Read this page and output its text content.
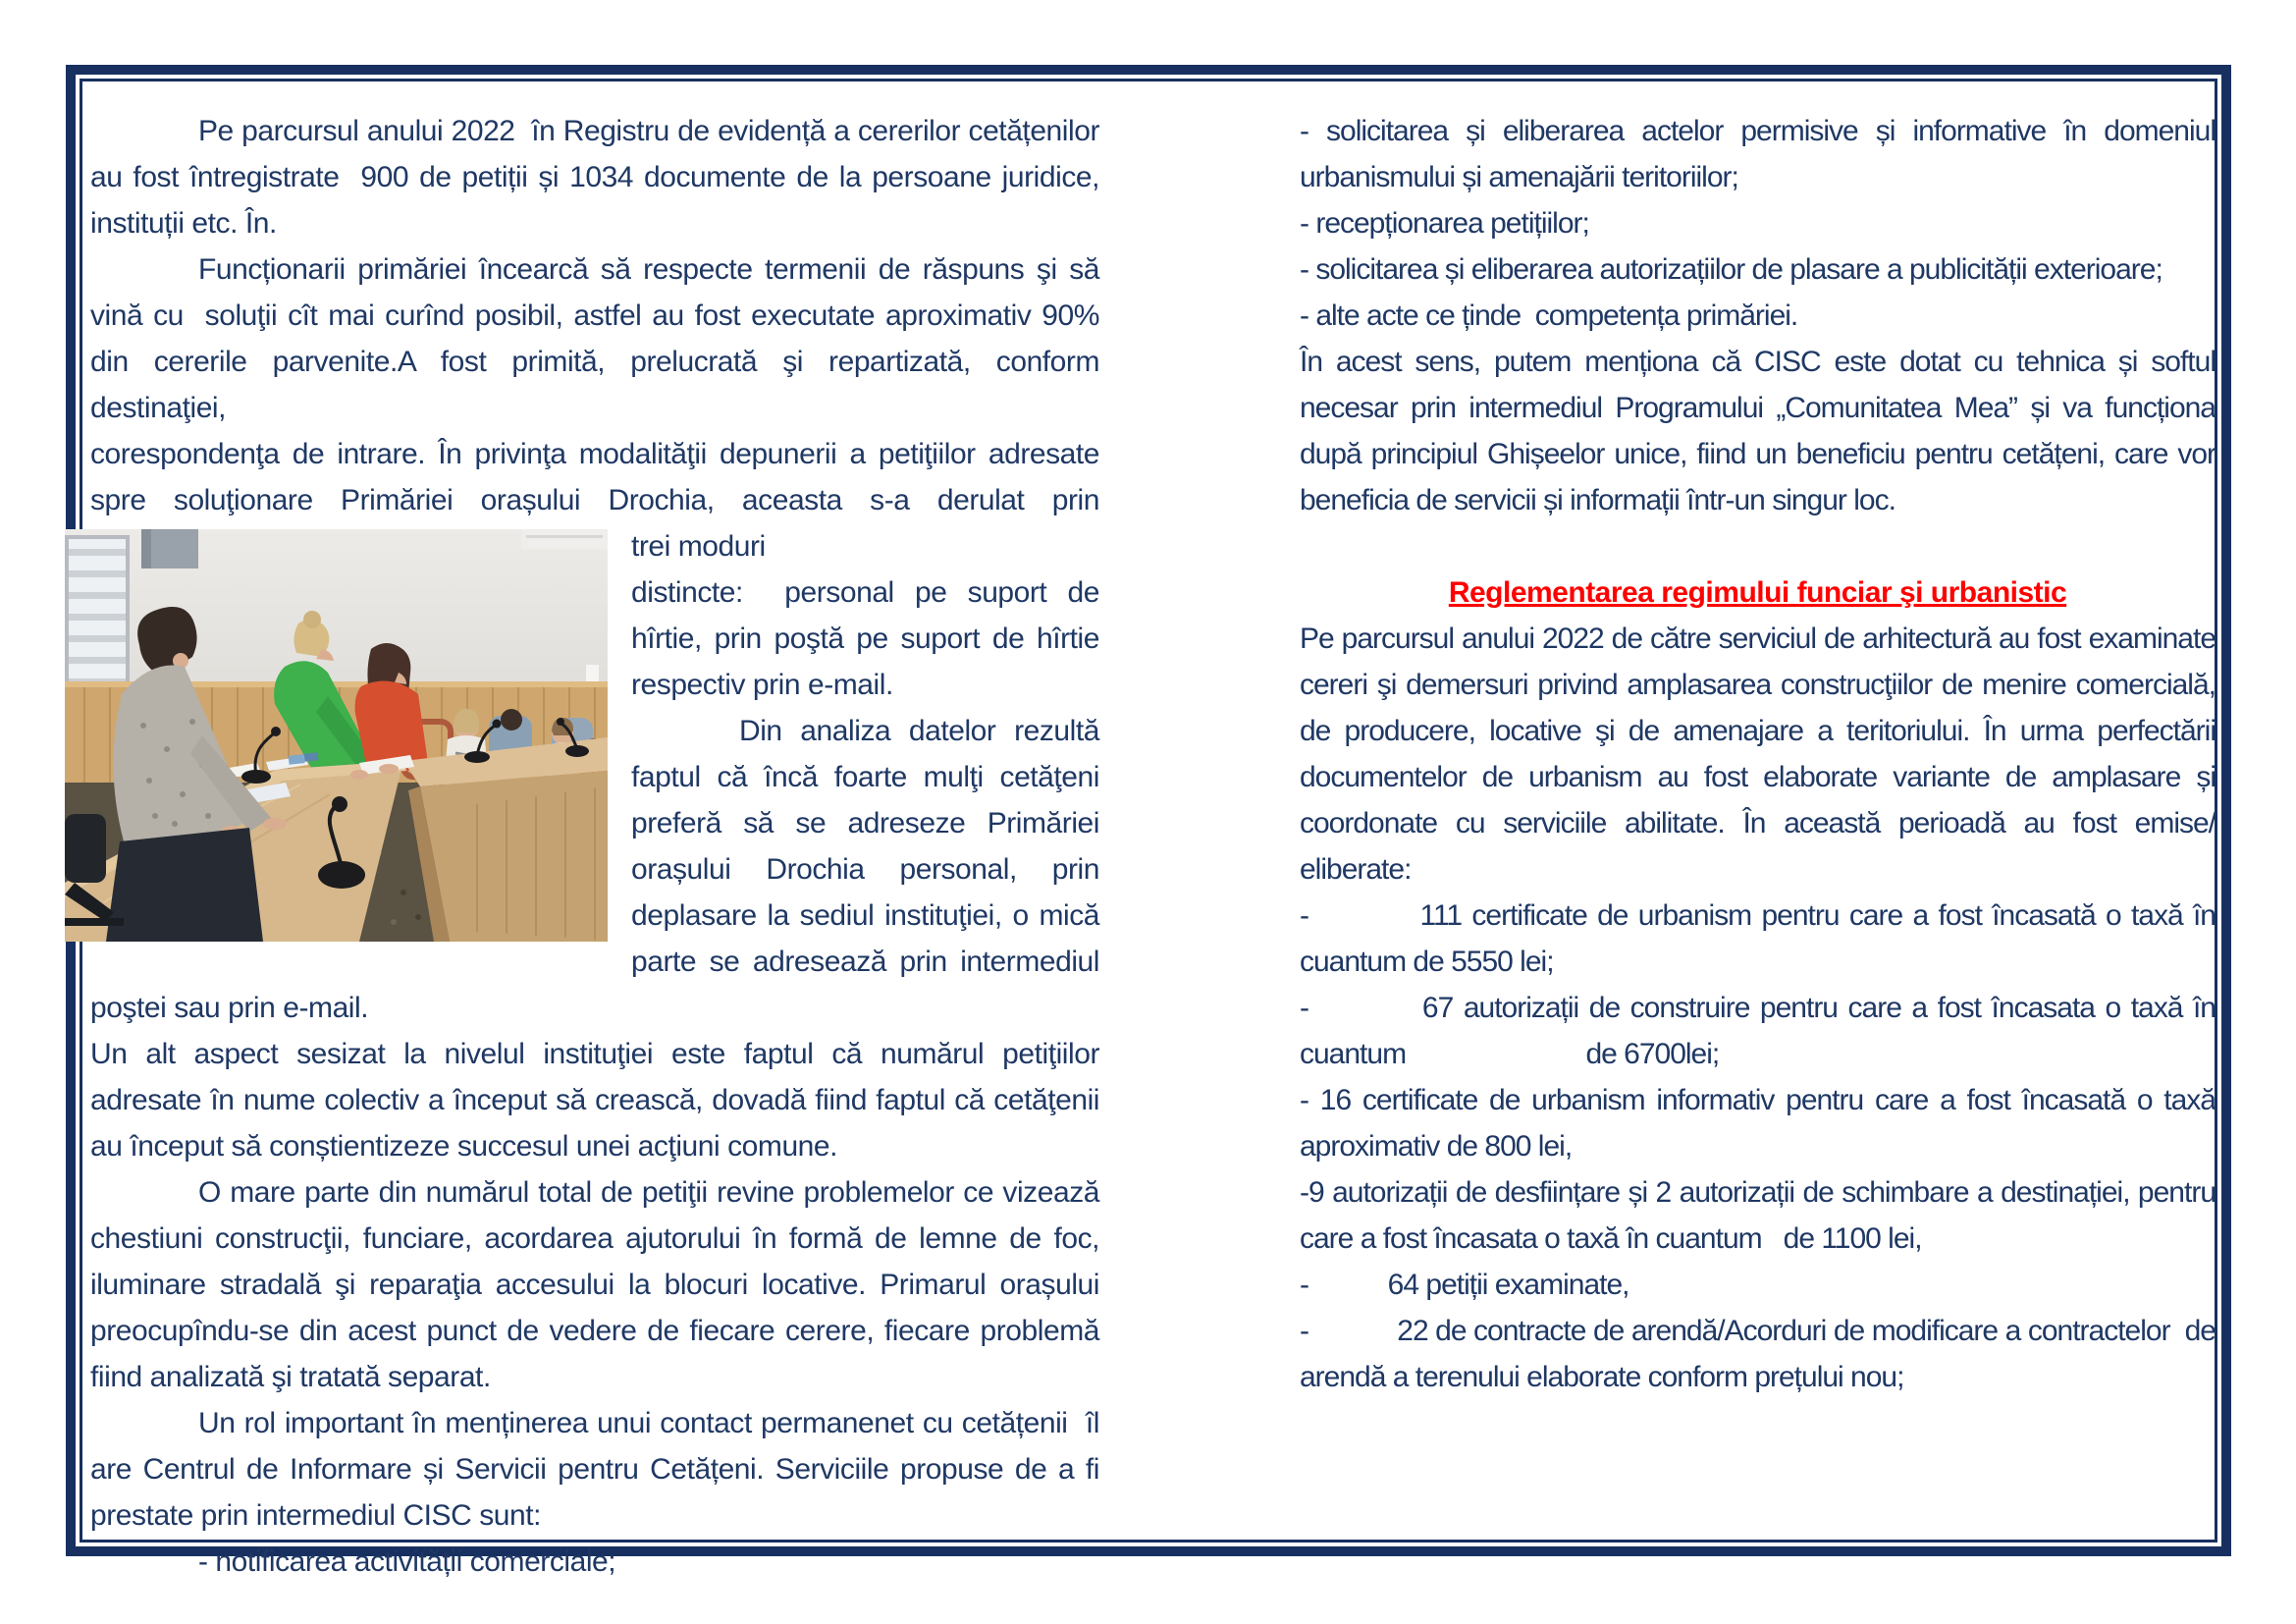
Pe parcursul anului 2022  în Registru de evidență a cererilor cetățenilor au fost întregistrate  900 de petiții și 1034 documente de la persoane juridice, instituții etc. În.

Funcționarii primăriei încearcă să respecte termenii de răspuns şi să vină cu  soluţii cît mai curînd posibil, astfel au fost executate aproximativ 90% din cererile parvenite.A fost primită, prelucrată şi repartizată, conform destinaţiei,

corespondenţa de intrare. În privinţa modalităţii depunerii a petiţiilor adresate spre soluţionare Primăriei orașului Drochia, aceasta s-a derulat prin

trei moduri

distincte:  personal pe suport de hîrtie, prin poştă pe suport de hîrtie respectiv prin e-mail.

Din analiza datelor rezultă faptul că încă foarte mulţi cetăţeni preferă să se adreseze Primăriei orașului Drochia personal, prin deplasare la sediul instituţiei, o mică parte se adresează prin intermediul poştei sau prin e-mail.

Un alt aspect sesizat la nivelul instituţiei este faptul că numărul petiţiilor adresate în nume colectiv a început să crească, dovadă fiind faptul că cetăţenii au început să conștientizeze succesul unei acţiuni comune.

O mare parte din numărul total de petiţii revine problemelor ce vizează chestiuni construcţii, funciare, acordarea ajutorului în formă de lemne de foc, iluminare stradală şi reparaţia accesului la blocuri locative. Primarul orașului preocupîndu-se din acest punct de vedere de fiecare cerere, fiecare problemă fiind analizată şi tratată separat.

Un rol important în menținerea unui contact permanenet cu cetățenii  îl are Centrul de Informare și Servicii pentru Cetățeni. Serviciile propuse de a fi prestate prin intermediul CISC sunt:

- notificarea activității comerciale;

- solicitarea și eliberarea actelor permisive și informative în domeniul urbanismului și amenajării teritoriilor;

- recepționarea petițiilor;

- solicitarea și eliberarea autorizațiilor de plasare a publicității exterioare;

- alte acte ce ținde  competența primăriei.

În acest sens, putem menționa că CISC este dotat cu tehnica și softul necesar prin intermediul Programului „Comunitatea Mea” și va funcționa după principiul Ghișeelor unice, fiind un beneficiu pentru cetățeni, care vor beneficia de servicii și informații într-un singur loc.

Reglementarea regimului funciar şi urbanistic

Pe parcursul anului 2022 de către serviciul de arhitectură au fost examinate cereri şi demersuri privind amplasarea construcţiilor de menire comercială, de producere, locative şi de amenajare a teritoriului. În urma perfectării documentelor de urbanism au fost elaborate variante de amplasare și coordonate cu serviciile abilitate. În această perioadă au fost emise/ eliberate:

-           111 certificate de urbanism pentru care a fost încasată o taxă în cuantum de 5550 lei;

-           67 autorizații de construire pentru care a fost încasata o taxă în cuantum                         de 6700lei;

- 16 certificate de urbanism informativ pentru care a fost încasată o taxă aproximativ de 800 lei,

-9 autorizații de desființare și 2 autorizații de schimbare a destinației, pentru care a fost încasata o taxă în cuantum   de 1100 lei,

-           64 petiții examinate,

-            22 de contracte de arendă/Acorduri de modificare a contractelor  de arendă a terenului elaborate conform prețului nou;
